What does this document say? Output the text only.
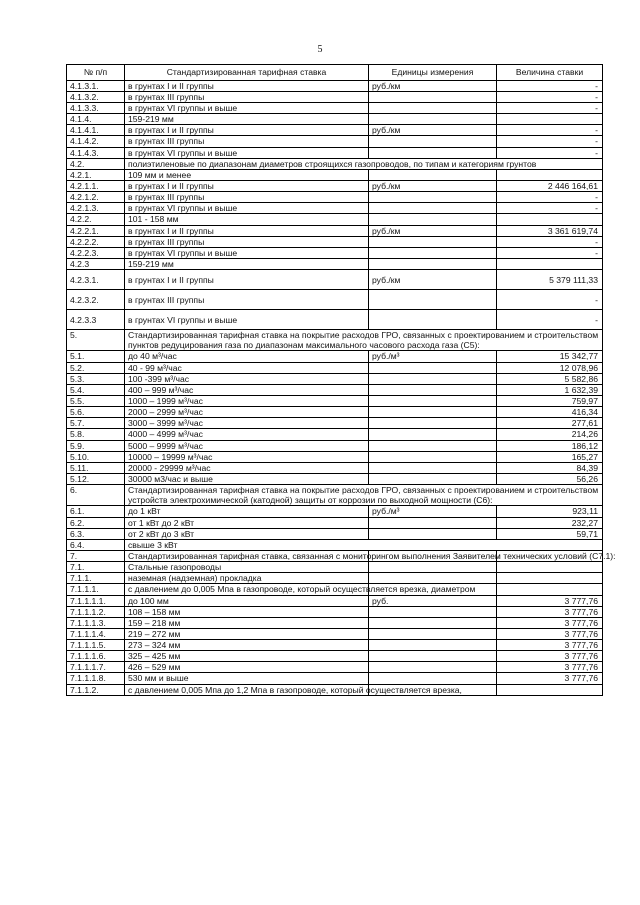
5
№ п/п	Стандартизированная тарифная ставка	Единицы измерения	Величина ставки
4.1.3.1.	в грунтах I и II группы	руб./км	-
4.1.3.2.	в грунтах III группы		-
4.1.3.3.	в грунтах VI группы и выше		-
4.1.4.	159-219 мм		
4.1.4.1.	в грунтах I и II группы	руб./км	-
4.1.4.2.	в грунтах III группы		-
4.1.4.3.	в грунтах VI группы и выше		-
4.2.	полиэтиленовые по диапазонам диаметров строящихся газопроводов, по типам и категориям грунтов		
4.2.1.	109 мм и менее		
4.2.1.1.	в грунтах I и II группы	руб./км	2 446 164,61
4.2.1.2.	в грунтах III группы		-
4.2.1.3.	в грунтах VI группы и выше		-
4.2.2.	101 - 158 мм		
4.2.2.1.	в грунтах I и II группы	руб./км	3 361 619,74
4.2.2.2.	в грунтах III группы		-
4.2.2.3.	в грунтах VI группы и выше		-
4.2.3	159-219 мм		
4.2.3.1.	в грунтах I и II группы	руб./км	5 379 111,33
4.2.3.2.	в грунтах III группы		-
4.2.3.3	в грунтах VI группы и выше		-
5.	Стандартизированная тарифная ставка на покрытие расходов ГРО, связанных с проектированием и строительством пунктов редуцирования газа по диапазонам максимального часового расхода газа (C5):		
5.1.	до 40 м³/час	руб./м³	15 342,77
5.2.	40 - 99 м³/час		12 078,96
5.3.	100 -399 м³/час		5 582,86
5.4.	400 – 999 м³/час		1 632,39
5.5.	1000 – 1999 м³/час		759,97
5.6.	2000 – 2999 м³/час		416,34
5.7.	3000 – 3999 м³/час		277,61
5.8.	4000 – 4999 м³/час		214,26
5.9.	5000 – 9999 м³/час		186,12
5.10.	10000 – 19999 м³/час		165,27
5.11.	20000 - 29999 м³/час		84,39
5.12.	30000 м3/час и выше		56,26
6.	Стандартизированная тарифная ставка на покрытие расходов ГРО, связанных с проектированием и строительством устройств электрохимической (катодной) защиты от коррозии по выходной мощности (C6):		
6.1.	до 1 кВт	руб./м³	923,11
6.2.	от 1 кВт до 2 кВт		232,27
6.3.	от 2 кВт до 3 кВт		59,71
6.4.	свыше 3 кВт		
7.	Стандартизированная тарифная ставка, связанная с мониторингом выполнения Заявителем технических условий (C7.1):		
7.1.	Стальные газопроводы		
7.1.1.	наземная (надземная) прокладка		
7.1.1.1.	с давлением до 0,005 Мпа в газопроводе, который осуществляется врезка, диаметром		
7.1.1.1.1.	до 100 мм	руб.	3 777,76
7.1.1.1.2.	108 – 158 мм		3 777,76
7.1.1.1.3.	159 – 218 мм		3 777,76
7.1.1.1.4.	219 – 272 мм		3 777,76
7.1.1.1.5.	273 – 324 мм		3 777,76
7.1.1.1.6.	325 – 425 мм		3 777,76
7.1.1.1.7.	426 – 529 мм		3 777,76
7.1.1.1.8.	530 мм и выше		3 777,76
7.1.1.2.	с давлением 0,005 Мпа до 1,2 Мпа в газопроводе, который осуществляется врезка,		
